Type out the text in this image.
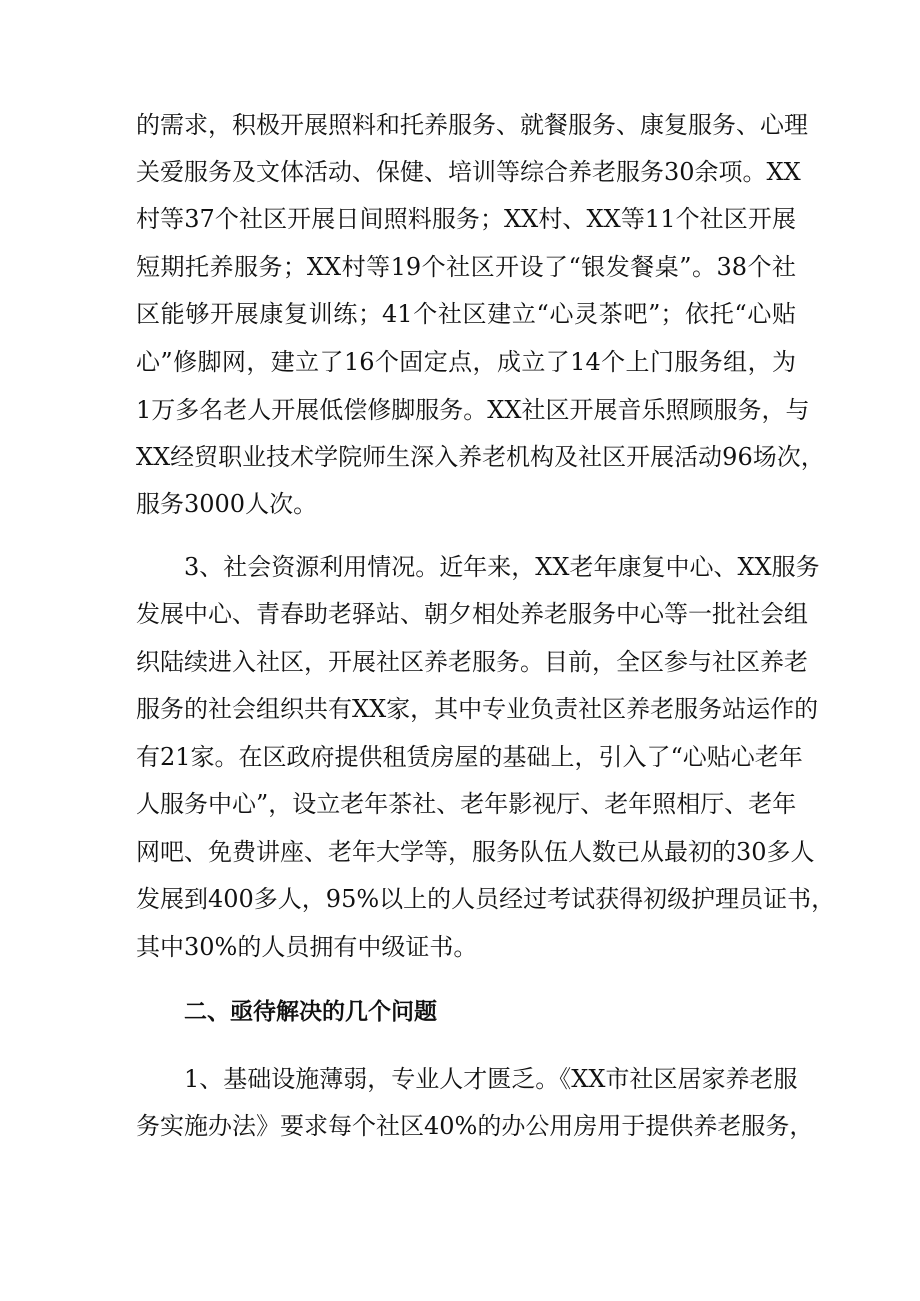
的需求，积极开展照料和托养服务、就餐服务、康复服务、心理
关爱服务及文体活动、保健、培训等综合养老服务30余项。XX
村等37个社区开展日间照料服务；XX村、XX等11个社区开展
短期托养服务；XX村等19个社区开设了“银发餐桌”。38个社
区能够开展康复训练；41个社区建立“心灵茶吧”；依托“心贴
心”修脚网，建立了16个固定点，成立了14个上门服务组，为
1万多名老人开展低偿修脚服务。XX社区开展音乐照顾服务，与
XX经贸职业技术学院师生深入养老机构及社区开展活动96场次，
服务3000人次。
3、社会资源利用情况。近年来，XX老年康复中心、XX服务
发展中心、青春助老驿站、朝夕相处养老服务中心等一批社会组
织陆续进入社区，开展社区养老服务。目前，全区参与社区养老
服务的社会组织共有XX家，其中专业负责社区养老服务站运作的
有21家。在区政府提供租赁房屋的基础上，引入了“心贴心老年
人服务中心”，设立老年茶社、老年影视厅、老年照相厅、老年
网吧、免费讲座、老年大学等，服务队伍人数已从最初的30多人
发展到400多人，95%以上的人员经过考试获得初级护理员证书，
其中30%的人员拥有中级证书。
二、亟待解决的几个问题
1、基础设施薄弱，专业人才匮乏。《XX市社区居家养老服
务实施办法》要求每个社区40%的办公用房用于提供养老服务，
